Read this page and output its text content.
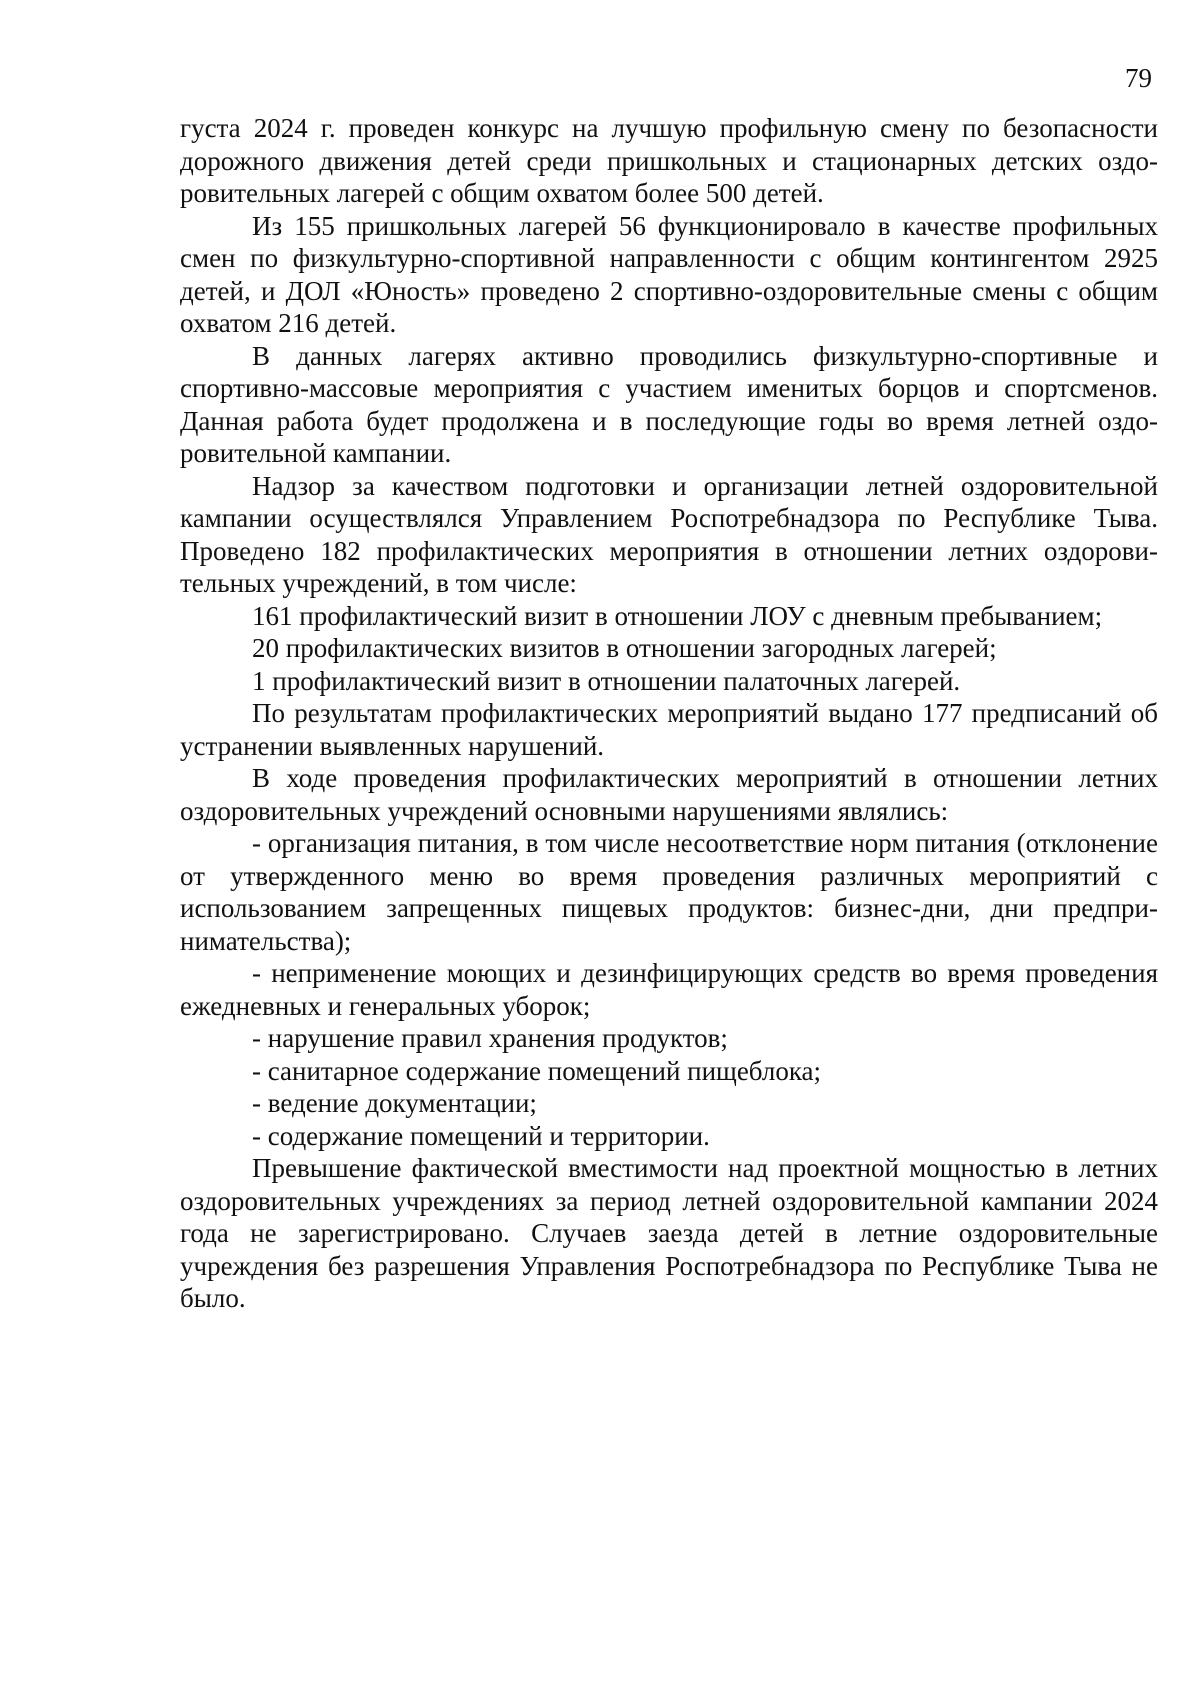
79

густа 2024 г. проведен конкурс на лучшую профильную смену по безопасности дорожного движения детей среди пришкольных и стационарных детских оздоровительных лагерей с общим охватом более 500 детей.

Из 155 пришкольных лагерей 56 функционировало в качестве профильных смен по физкультурно-спортивной направленности с общим контингентом 2925 детей, и ДОЛ «Юность» проведено 2 спортивно-оздоровительные смены с общим охватом 216 детей.

В данных лагерях активно проводились физкультурно-спортивные и спортивно-массовые мероприятия с участием именитых борцов и спортсменов. Данная работа будет продолжена и в последующие годы во время летней оздоровительной кампании.

Надзор за качеством подготовки и организации летней оздоровительной кампании осуществлялся Управлением Роспотребнадзора по Республике Тыва. Проведено 182 профилактических мероприятия в отношении летних оздоровительных учреждений, в том числе:

161 профилактический визит в отношении ЛОУ с дневным пребыванием;

20 профилактических визитов в отношении загородных лагерей;

1 профилактический визит в отношении палаточных лагерей.

По результатам профилактических мероприятий выдано 177 предписаний об устранении выявленных нарушений.

В ходе проведения профилактических мероприятий в отношении летних оздоровительных учреждений основными нарушениями являлись:

- организация питания, в том числе несоответствие норм питания (отклонение от утвержденного меню во время проведения различных мероприятий с использованием запрещенных пищевых продуктов: бизнес-дни, дни предпринимательства);

- неприменение моющих и дезинфицирующих средств во время проведения ежедневных и генеральных уборок;

- нарушение правил хранения продуктов;

- санитарное содержание помещений пищеблока;

- ведение документации;

- содержание помещений и территории.

Превышение фактической вместимости над проектной мощностью в летних оздоровительных учреждениях за период летней оздоровительной кампании 2024 года не зарегистрировано. Случаев заезда детей в летние оздоровительные учреждения без разрешения Управления Роспотребнадзора по Республике Тыва не было.
